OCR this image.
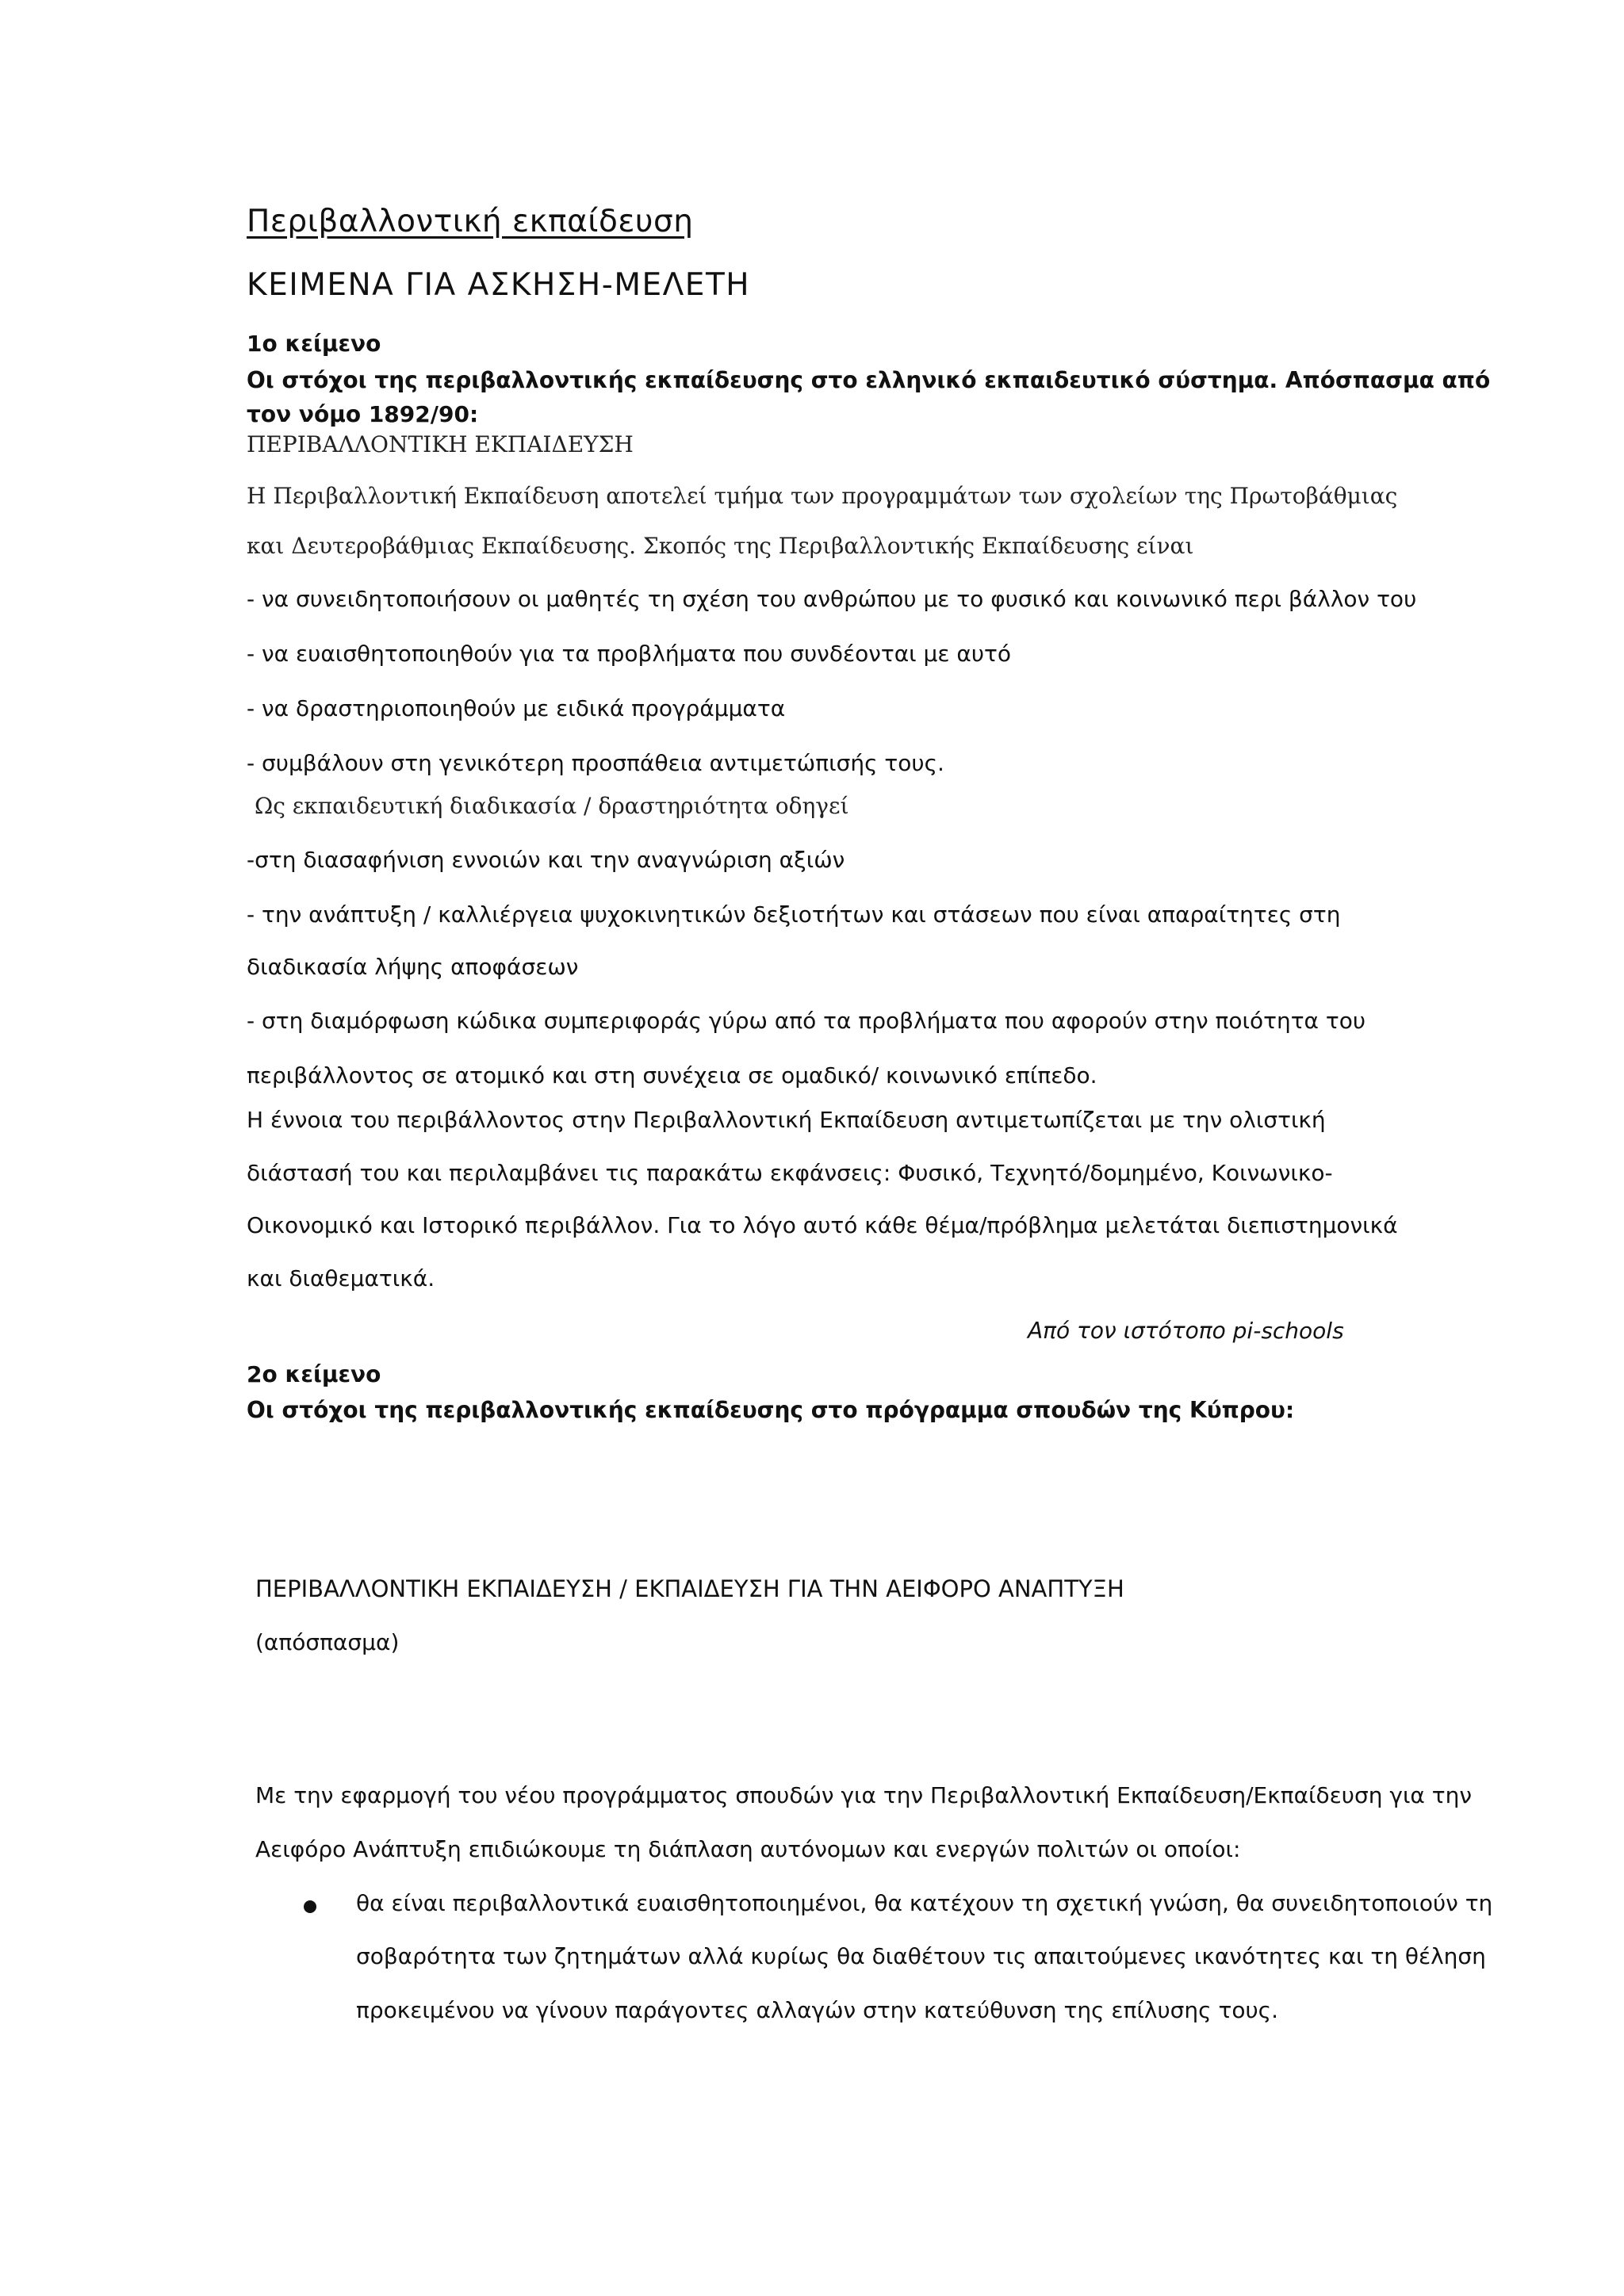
Περιβαλλοντική εκπαίδευση
ΚΕΙΜΕΝΑ ΓΙΑ ΑΣΚΗΣΗ-ΜΕΛΕΤΗ
1ο κείμενο
Οι στόχοι της περιβαλλοντικής εκπαίδευσης στο ελληνικό εκπαιδευτικό σύστημα. Απόσπασμα από
τον νόμο 1892/90:
ΠΕΡΙΒΑΛΛΟΝΤΙΚΗ ΕΚΠΑΙΔΕΥΣΗ
Η Περιβαλλοντική Εκπαίδευση αποτελεί τμήμα των προγραμμάτων των σχολείων της Πρωτοβάθμιας
και Δευτεροβάθμιας Εκπαίδευσης. Σκοπός της Περιβαλλοντικής Εκπαίδευσης είναι
- να συνειδητοποιήσουν οι μαθητές τη σχέση του ανθρώπου με το φυσικό και κοινωνικό περι βάλλον του
- να ευαισθητοποιηθούν για τα προβλήματα που συνδέονται με αυτό
- να δραστηριοποιηθούν με ειδικά προγράμματα
- συμβάλουν στη γενικότερη προσπάθεια αντιμετώπισής τους.
Ως εκπαιδευτική διαδικασία / δραστηριότητα οδηγεί
-στη διασαφήνιση εννοιών και την αναγνώριση αξιών
- την ανάπτυξη / καλλιέργεια ψυχοκινητικών δεξιοτήτων και στάσεων που είναι απαραίτητες στη
διαδικασία λήψης αποφάσεων
- στη διαμόρφωση κώδικα συμπεριφοράς γύρω από τα προβλήματα που αφορούν στην ποιότητα του
περιβάλλοντος σε ατομικό και στη συνέχεια σε ομαδικό/ κοινωνικό επίπεδο.
Η έννοια του περιβάλλοντος στην Περιβαλλοντική Εκπαίδευση αντιμετωπίζεται με την ολιστική
διάστασή του και περιλαμβάνει τις παρακάτω εκφάνσεις: Φυσικό, Τεχνητό/δομημένο, Κοινωνικο-
Οικονομικό και Ιστορικό περιβάλλον. Για το λόγο αυτό κάθε θέμα/πρόβλημα μελετάται διεπιστημονικά
και διαθεματικά.
Από τον ιστότοπο pi-schools
2ο κείμενο
Οι στόχοι της περιβαλλοντικής εκπαίδευσης στο πρόγραμμα σπουδών της Κύπρου:
ΠΕΡΙΒΑΛΛΟΝΤΙΚΗ ΕΚΠΑΙΔΕΥΣΗ / ΕΚΠΑΙΔΕΥΣΗ ΓΙΑ ΤΗΝ ΑΕΙΦΟΡΟ ΑΝΑΠΤΥΞΗ
(απόσπασμα)
Με την εφαρμογή του νέου προγράμματος σπουδών για την Περιβαλλοντική Εκπαίδευση/Εκπαίδευση για την
Αειφόρο Ανάπτυξη επιδιώκουμε τη διάπλαση αυτόνομων και ενεργών πολιτών οι οποίοι:
θα είναι περιβαλλοντικά ευαισθητοποιημένοι, θα κατέχουν τη σχετική γνώση, θα συνειδητοποιούν τη
σοβαρότητα των ζητημάτων αλλά κυρίως θα διαθέτουν τις απαιτούμενες ικανότητες και τη θέληση
προκειμένου να γίνουν παράγοντες αλλαγών στην κατεύθυνση της επίλυσης τους.
